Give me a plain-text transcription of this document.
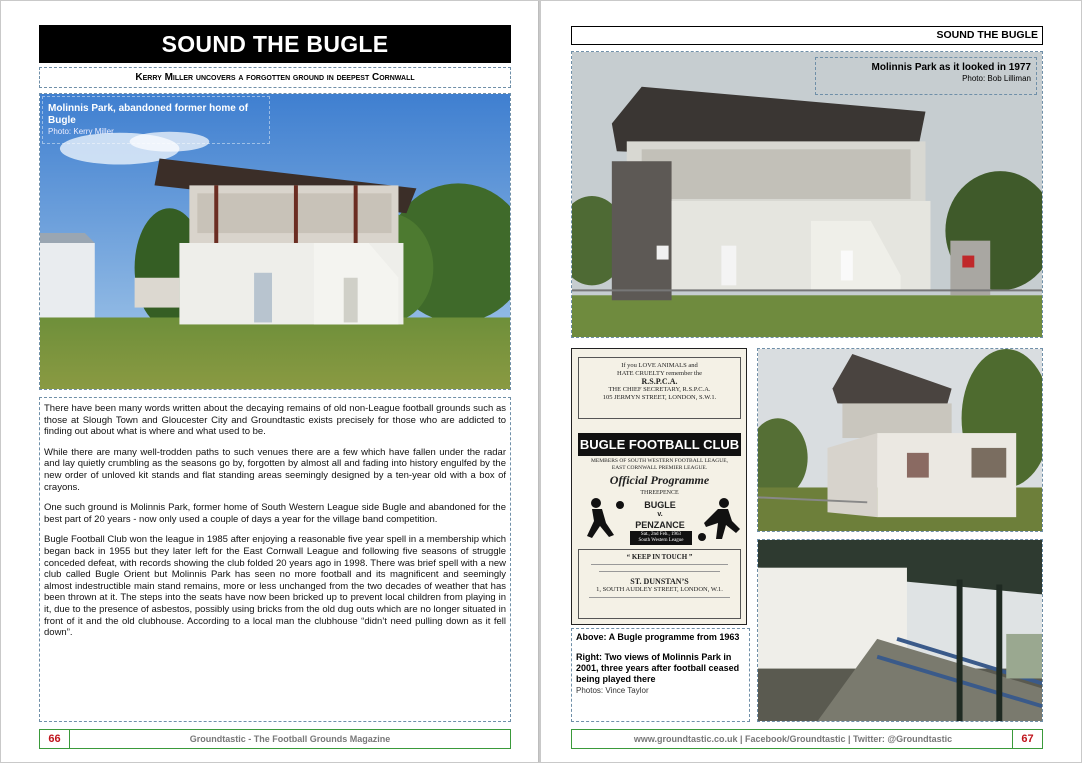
SOUND THE BUGLE
Kerry Miller uncovers a forgotten ground in deepest Cornwall
Molinnis Park, abandoned former home of Bugle
Photo: Kerry Miller

There have been many words written about the decaying remains of old non-League football grounds such as those at Slough Town and Gloucester City and Groundtastic exists precisely for those who are addicted to finding out about what is where and what used to be.

While there are many well-trodden paths to such venues there are a few which have fallen under the radar and lay quietly crumbling as the seasons go by, forgotten by almost all and fading into history engulfed by the new order of unloved kit stands and flat standing areas seemingly designed by a ten-year old with a box of crayons.

One such ground is Molinnis Park, former home of South Western League side Bugle and abandoned for the best part of 20 years - now only used a couple of days a year for the village band competition.

Bugle Football Club won the league in 1985 after enjoying a reasonable five year spell in a membership which began back in 1955 but they later left for the East Cornwall League and following five seasons of struggle conceded defeat, with records showing the club folded 20 years ago in 1998. There was brief spell with a new club called Bugle Orient but Molinnis Park has seen no more football and its magnificent and seemingly almost indestructible main stand remains, more or less unchanged from the two decades of weather that has been thrown at it. The steps into the seats have now been bricked up to prevent local children from playing in it, due to the presence of asbestos, possibly using bricks from the old dug outs which are no longer situated in front of it and the old clubhouse. According to a local man the clubhouse “didn’t need pulling down as it fell down”.

66	Groundtastic - The Football Grounds Magazine
SOUND THE BUGLE
Molinnis Park as it looked in 1977
Photo: Bob Lilliman
If you LOVE ANIMALS and
HATE CRUELTY remember the
R.S.P.C.A.
THE CHIEF SECRETARY, R.S.P.C.A.
105 JERMYN STREET, LONDON, S.W.1.
BUGLE FOOTBALL CLUB
MEMBERS OF SOUTH WESTERN FOOTBALL LEAGUE,
EAST CORNWALL PREMIER LEAGUE.
Official Programme
THREEPENCE
BUGLE
v.
PENZANCE
Sat., 2nd Feb., 1963
South Western League
“ KEEP IN TOUCH ”
ST. DUNSTAN’S
1, SOUTH AUDLEY STREET, LONDON, W.1.
Above: A Bugle programme from 1963
Right: Two views of Molinnis Park in 2001, three years after football ceased being played there
Photos: Vince Taylor
www.groundtastic.co.uk | Facebook/Groundtastic | Twitter: @Groundtastic	67
